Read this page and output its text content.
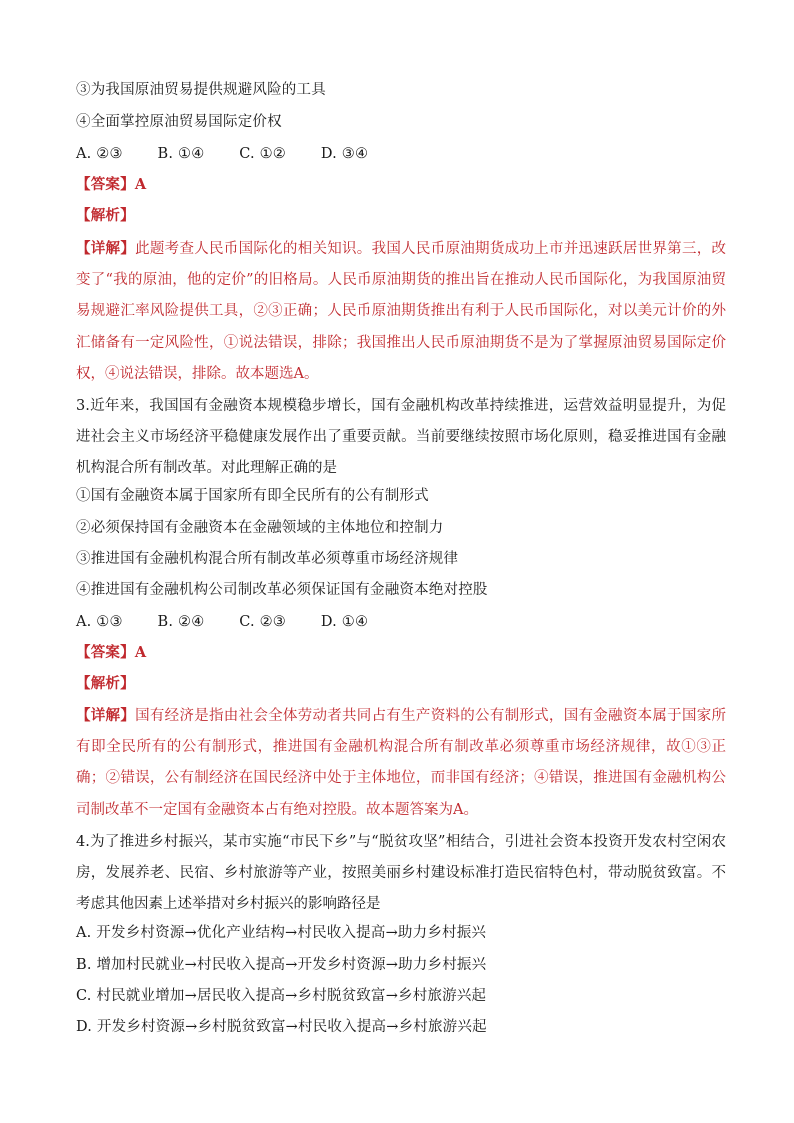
③为我国原油贸易提供规避风险的工具
④全面掌控原油贸易国际定价权
A. ②③ B. ①④ C. ①② D. ③④
【答案】A
【解析】
【详解】此题考查人民币国际化的相关知识。我国人民币原油期货成功上市并迅速跃居世界第三，改变了“我的原油，他的定价”的旧格局。人民币原油期货的推出旨在推动人民币国际化，为我国原油贸易规避汇率风险提供工具，②③正确；人民币原油期货推出有利于人民币国际化，对以美元计价的外汇储备有一定风险性，①说法错误，排除；我国推出人民币原油期货不是为了掌握原油贸易国际定价权，④说法错误，排除。故本题选A。
3.近年来，我国国有金融资本规模稳步增长，国有金融机构改革持续推进，运营效益明显提升，为促进社会主义市场经济平稳健康发展作出了重要贡献。当前要继续按照市场化原则，稳妥推进国有金融机构混合所有制改革。对此理解正确的是
①国有金融资本属于国家所有即全民所有的公有制形式
②必须保持国有金融资本在金融领域的主体地位和控制力
③推进国有金融机构混合所有制改革必须尊重市场经济规律
④推进国有金融机构公司制改革必须保证国有金融资本绝对控股
A. ①③ B. ②④ C. ②③ D. ①④
【答案】A
【解析】
【详解】国有经济是指由社会全体劳动者共同占有生产资料的公有制形式，国有金融资本属于国家所有即全民所有的公有制形式，推进国有金融机构混合所有制改革必须尊重市场经济规律，故①③正确；②错误，公有制经济在国民经济中处于主体地位，而非国有经济；④错误，推进国有金融机构公司制改革不一定国有金融资本占有绝对控股。故本题答案为A。
4.为了推进乡村振兴，某市实施“市民下乡”与“脱贫攻坚”相结合，引进社会资本投资开发农村空闲农房，发展养老、民宿、乡村旅游等产业，按照美丽乡村建设标准打造民宿特色村，带动脱贫致富。不考虑其他因素上述举措对乡村振兴的影响路径是
A. 开发乡村资源→优化产业结构→村民收入提高→助力乡村振兴
B. 增加村民就业→村民收入提高→开发乡村资源→助力乡村振兴
C. 村民就业增加→居民收入提高→乡村脱贫致富→乡村旅游兴起
D. 开发乡村资源→乡村脱贫致富→村民收入提高→乡村旅游兴起
